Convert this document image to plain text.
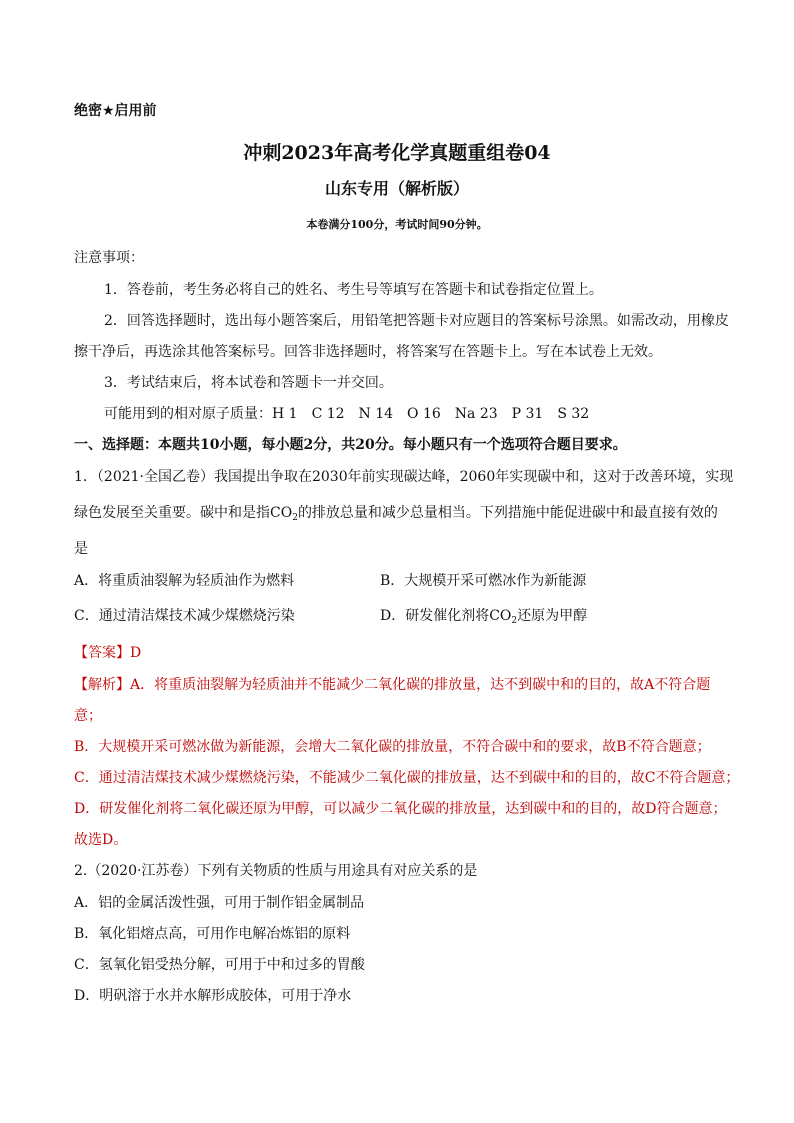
绝密★启用前
冲刺2023年高考化学真题重组卷04
山东专用（解析版）
本卷满分100分，考试时间90分钟。
注意事项：
1．答卷前，考生务必将自己的姓名、考生号等填写在答题卡和试卷指定位置上。
2．回答选择题时，选出每小题答案后，用铅笔把答题卡对应题目的答案标号涂黑。如需改动，用橡皮
擦干净后，再选涂其他答案标号。回答非选择题时，将答案写在答题卡上。写在本试卷上无效。
3．考试结束后，将本试卷和答题卡一并交回。
可能用到的相对原子质量：H 1　C 12　N 14　O 16　Na 23　P 31　S 32
一、选择题：本题共10小题，每小题2分，共20分。每小题只有一个选项符合题目要求。
1．（2021·全国乙卷）我国提出争取在2030年前实现碳达峰，2060年实现碳中和，这对于改善环境，实现
绿色发展至关重要。碳中和是指$CO_2$的排放总量和减少总量相当。下列措施中能促进碳中和最直接有效的
是
A．将重质油裂解为轻质油作为燃料	B．大规模开采可燃冰作为新能源
C．通过清洁煤技术减少煤燃烧污染	D．研发催化剂将$CO_2$还原为甲醇
【答案】D
【解析】A．将重质油裂解为轻质油并不能减少二氧化碳的排放量，达不到碳中和的目的，故A不符合题
意；
B．大规模开采可燃冰做为新能源，会增大二氧化碳的排放量，不符合碳中和的要求，故B不符合题意；
C．通过清洁煤技术减少煤燃烧污染，不能减少二氧化碳的排放量，达不到碳中和的目的，故C不符合题意；
D．研发催化剂将二氧化碳还原为甲醇，可以减少二氧化碳的排放量，达到碳中和的目的，故D符合题意；
故选D。
2.（2020·江苏卷）下列有关物质的性质与用途具有对应关系的是
A．铝的金属活泼性强，可用于制作铝金属制品
B．氧化铝熔点高，可用作电解冶炼铝的原料
C．氢氧化铝受热分解，可用于中和过多的胃酸
D．明矾溶于水并水解形成胶体，可用于净水
